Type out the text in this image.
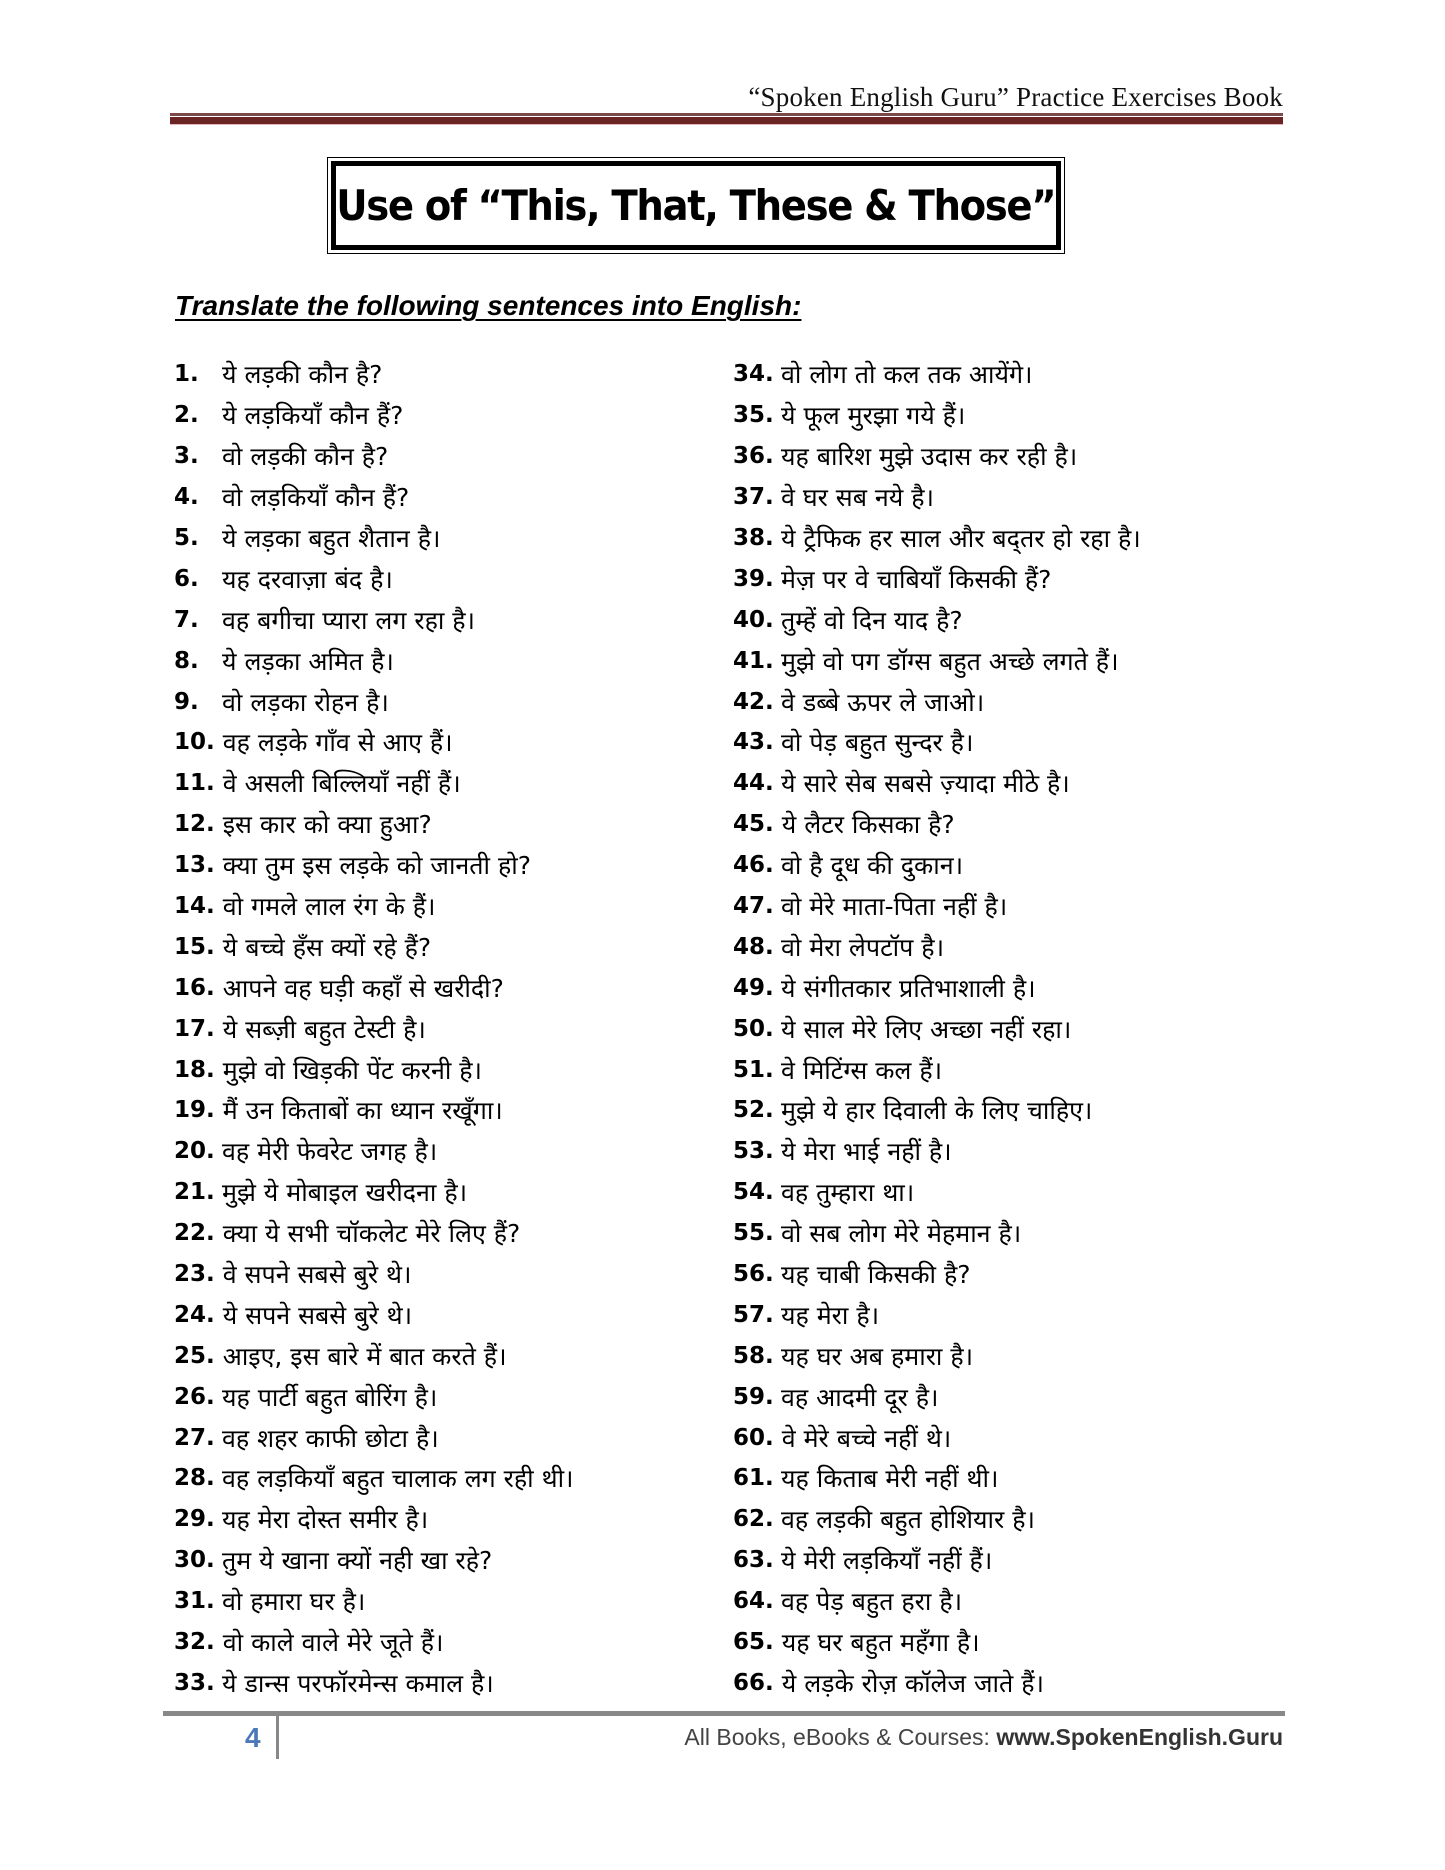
“Spoken English Guru” Practice Exercises Book
Use of “This, That, These & Those”
Translate the following sentences into English:
1. ये लड़की कौन है?
2. ये लड़कियाँ कौन हैं?
3. वो लड़की कौन है?
4. वो लड़कियाँ कौन हैं?
5. ये लड़का बहुत शैतान है।
6. यह दरवाज़ा बंद है।
7. वह बगीचा प्यारा लग रहा है।
8. ये लड़का अमित है।
9. वो लड़का रोहन है।
10. वह लड़के गाँव से आए हैं।
11. वे असली बिल्लियाँ नहीं हैं।
12. इस कार को क्या हुआ?
13. क्या तुम इस लड़के को जानती हो?
14. वो गमले लाल रंग के हैं।
15. ये बच्चे हँस क्यों रहे हैं?
16. आपने वह घड़ी कहाँ से खरीदी?
17. ये सब्ज़ी बहुत टेस्टी है।
18. मुझे वो खिड़की पेंट करनी है।
19. मैं उन किताबों का ध्यान रखूँगा।
20. वह मेरी फेवरेट जगह है।
21. मुझे ये मोबाइल खरीदना है।
22. क्या ये सभी चॉकलेट मेरे लिए हैं?
23. वे सपने सबसे बुरे थे।
24. ये सपने सबसे बुरे थे।
25. आइए, इस बारे में बात करते हैं।
26. यह पार्टी बहुत बोरिंग है।
27. वह शहर काफी छोटा है।
28. वह लड़कियाँ बहुत चालाक लग रही थी।
29. यह मेरा दोस्त समीर है।
30. तुम ये खाना क्यों नही खा रहे?
31. वो हमारा घर है।
32. वो काले वाले मेरे जूते हैं।
33. ये डान्स परफॉरमेन्स कमाल है।
34. वो लोग तो कल तक आयेंगे।
35. ये फूल मुरझा गये हैं।
36. यह बारिश मुझे उदास कर रही है।
37. वे घर सब नये है।
38. ये ट्रैफिक हर साल और बद्तर हो रहा है।
39. मेज़ पर वे चाबियाँ किसकी हैं?
40. तुम्हें वो दिन याद है?
41. मुझे वो पग डॉग्स बहुत अच्छे लगते हैं।
42. वे डब्बे ऊपर ले जाओ।
43. वो पेड़ बहुत सुन्दर है।
44. ये सारे सेब सबसे ज़्यादा मीठे है।
45. ये लैटर किसका है?
46. वो है दूध की दुकान।
47. वो मेरे माता-पिता नहीं है।
48. वो मेरा लेपटॉप है।
49. ये संगीतकार प्रतिभाशाली है।
50. ये साल मेरे लिए अच्छा नहीं रहा।
51. वे मिटिंग्स कल हैं।
52. मुझे ये हार दिवाली के लिए चाहिए।
53. ये मेरा भाई नहीं है।
54. वह तुम्हारा था।
55. वो सब लोग मेरे मेहमान है।
56. यह चाबी किसकी है?
57. यह मेरा है।
58. यह घर अब हमारा है।
59. वह आदमी दूर है।
60. वे मेरे बच्चे नहीं थे।
61. यह किताब मेरी नहीं थी।
62. वह लड़की बहुत होशियार है।
63. ये मेरी लड़कियाँ नहीं हैं।
64. वह पेड़ बहुत हरा है।
65. यह घर बहुत महँगा है।
66. ये लड़के रोज़ कॉलेज जाते हैं।
4	All Books, eBooks & Courses: www.SpokenEnglish.Guru
